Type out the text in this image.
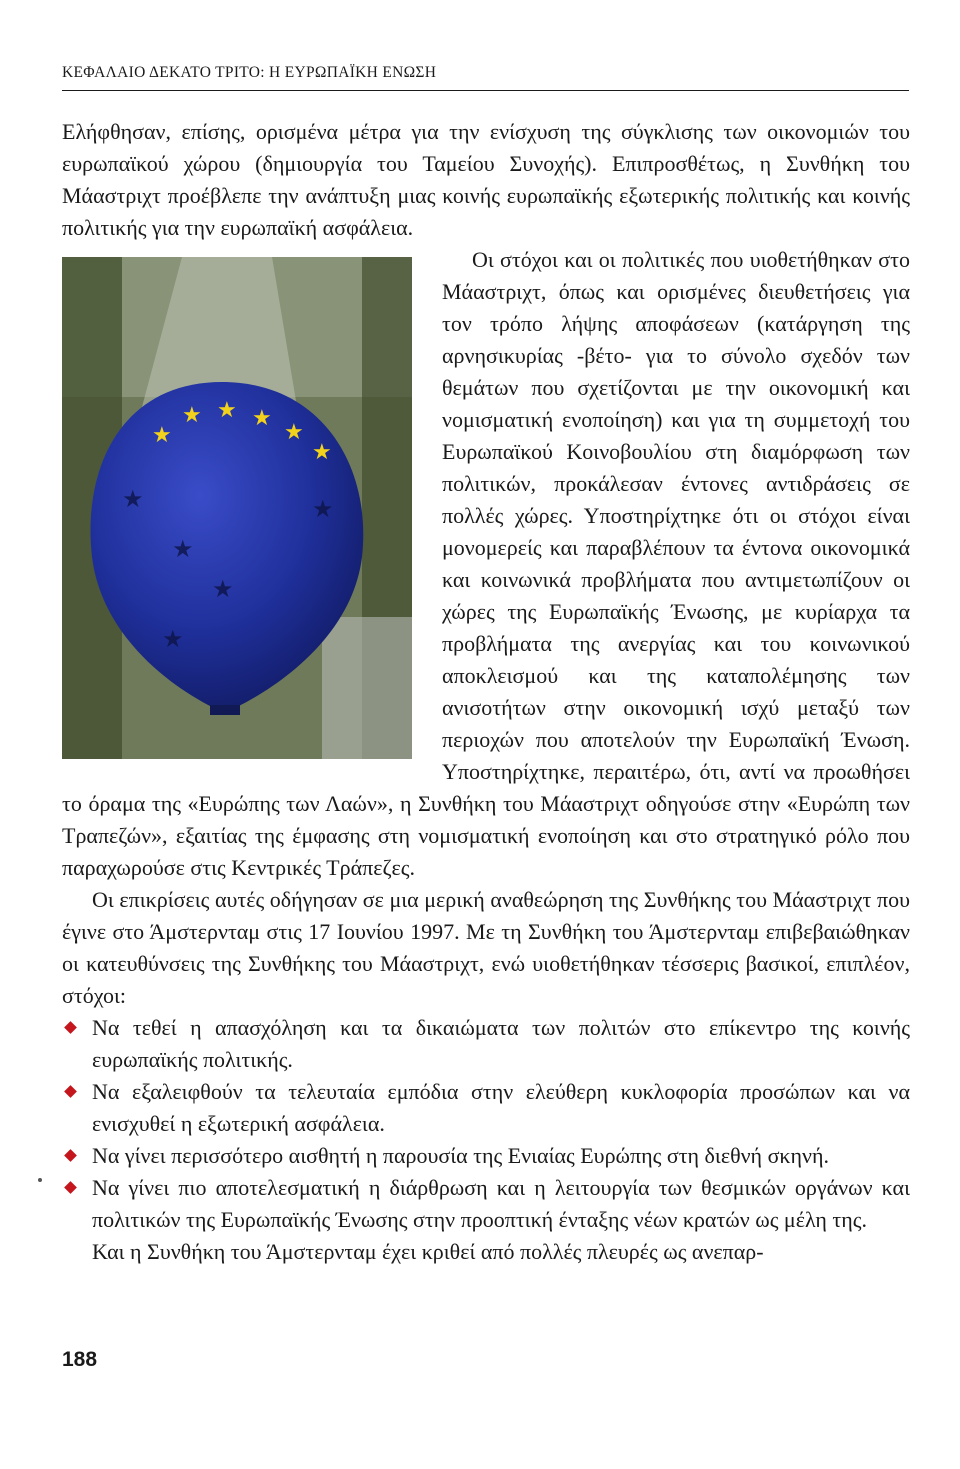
ΚΕΦΑΛΑΙΟ ΔΕΚΑΤΟ ΤΡΙΤΟ: Η ΕΥΡΩΠΑΪΚΗ ΕΝΩΣΗ

Ελήφθησαν, επίσης, ορισμένα μέτρα για την ενίσχυση της σύγκλισης των οικονομιών του ευρωπαϊκού χώρου (δημιουργία του Ταμείου Συνοχής). Επιπροσθέτως, η Συνθήκη του Μάαστριχτ προέβλεπε την ανάπτυξη μιας κοινής ευρωπαϊκής εξωτερικής πολιτικής και κοινής πολιτικής για την ευρωπαϊκή ασφάλεια.

★ ★ ★
★
★
★
★
★
★
★
★

Οι στόχοι και οι πολιτικές που υιοθετήθηκαν στο Μάαστριχτ, όπως και ορισμένες διευθετήσεις για τον τρόπο λήψης αποφάσεων (κατάργηση της αρνησικυρίας -βέτο- για το σύνολο σχεδόν των θεμάτων που σχετίζονται με την οικονομική και νομισματική ενοποίηση) και για τη συμμετοχή του Ευρωπαϊκού Κοινοβουλίου στη διαμόρφωση των πολιτικών, προκάλεσαν έντονες αντιδράσεις σε πολλές χώρες. Υποστηρίχτηκε ότι οι στόχοι είναι μονομερείς και παραβλέπουν τα έντονα οικονομικά και κοινωνικά προβλήματα που αντιμετωπίζουν οι χώρες της Ευρωπαϊκής Ένωσης, με κυρίαρχα τα προβλήματα της ανεργίας και του κοινωνικού αποκλεισμού και της καταπολέμησης των ανισοτήτων στην οικονομική ισχύ μεταξύ των περιοχών που αποτελούν την Ευρωπαϊκή Ένωση. Υποστηρίχτηκε, περαιτέρω, ότι, αντί να προωθήσει το όραμα της «Ευρώπης των Λαών», η Συνθήκη του Μάαστριχτ οδηγούσε στην «Ευρώπη των Τραπεζών», εξαιτίας της έμφασης στη νομισματική ενοποίηση και στο στρατηγικό ρόλο που παραχωρούσε στις Κεντρικές Τράπεζες.

Οι επικρίσεις αυτές οδήγησαν σε μια μερική αναθεώρηση της Συνθήκης του Μάαστριχτ που έγινε στο Άμστερνταμ στις 17 Ιουνίου 1997. Με τη Συνθήκη του Άμστερνταμ επιβεβαιώθηκαν οι κατευθύνσεις της Συνθήκης του Μάαστριχτ, ενώ υιοθετήθηκαν τέσσερις βασικοί, επιπλέον, στόχοι:

Να τεθεί η απασχόληση και τα δικαιώματα των πολιτών στο επίκεντρο της κοινής ευρωπαϊκής πολιτικής.
Να εξαλειφθούν τα τελευταία εμπόδια στην ελεύθερη κυκλοφορία προσώπων και να ενισχυθεί η εξωτερική ασφάλεια.
Να γίνει περισσότερο αισθητή η παρουσία της Ενιαίας Ευρώπης στη διεθνή σκηνή.
Να γίνει πιο αποτελεσματική η διάρθρωση και η λειτουργία των θεσμικών οργάνων και πολιτικών της Ευρωπαϊκής Ένωσης στην προοπτική ένταξης νέων κρατών ως μέλη της.

Και η Συνθήκη του Άμστερνταμ έχει κριθεί από πολλές πλευρές ως ανεπαρ-

188
